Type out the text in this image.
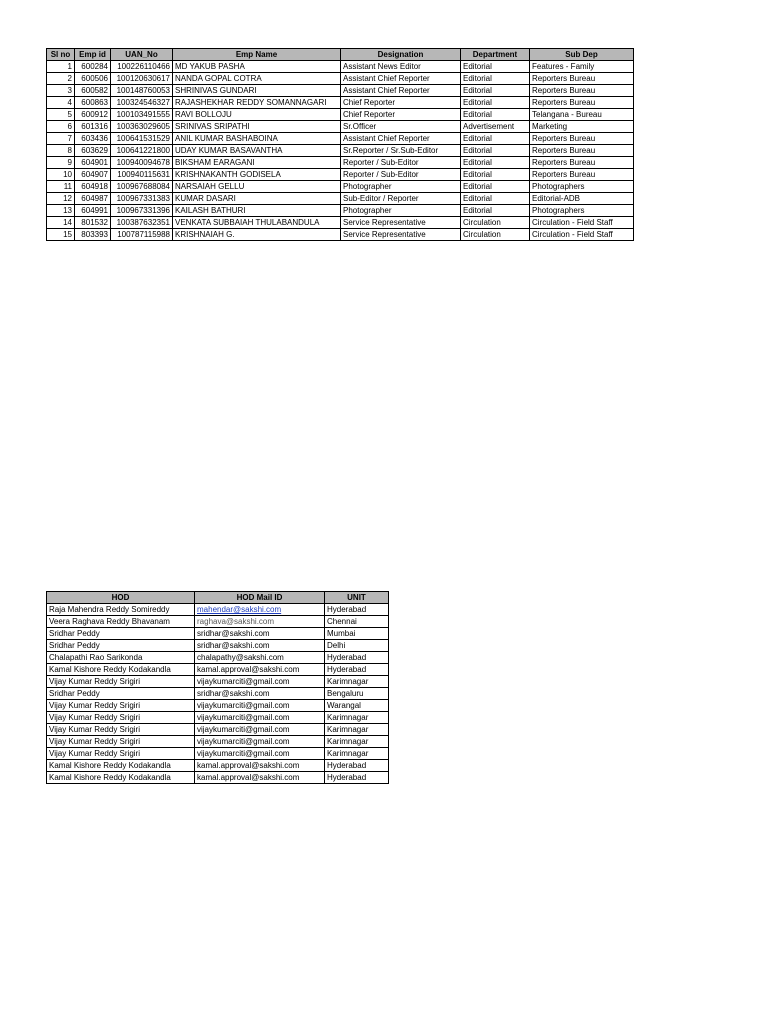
Sl no	Emp id	UAN_No	Emp Name	Designation	Department	Sub Dep
1	600284	100226110466	MD YAKUB PASHA	Assistant News Editor	Editorial	Features - Family
2	600506	100120630617	NANDA GOPAL COTRA	Assistant Chief Reporter	Editorial	Reporters Bureau
3	600582	100148760053	SHRINIVAS GUNDARI	Assistant Chief Reporter	Editorial	Reporters Bureau
4	600863	100324546327	RAJASHEKHAR REDDY SOMANNAGARI	Chief Reporter	Editorial	Reporters Bureau
5	600912	100103491555	RAVI BOLLOJU	Chief Reporter	Editorial	Telangana - Bureau
6	601316	100363029605	SRINIVAS SRIPATHI	Sr.Officer	Advertisement	Marketing
7	603436	100641531529	ANIL KUMAR BASHABOINA	Assistant Chief Reporter	Editorial	Reporters Bureau
8	603629	100641221800	UDAY KUMAR BASAVANTHA	Sr.Reporter / Sr.Sub-Editor	Editorial	Reporters Bureau
9	604901	100940094678	BIKSHAM EARAGANI	Reporter / Sub-Editor	Editorial	Reporters Bureau
10	604907	100940115631	KRISHNAKANTH GODISELA	Reporter / Sub-Editor	Editorial	Reporters Bureau
11	604918	100967688084	NARSAIAH GELLU	Photographer	Editorial	Photographers
12	604987	100967331383	KUMAR DASARI	Sub-Editor / Reporter	Editorial	Editorial-ADB
13	604991	100967331396	KAILASH BATHURI	Photographer	Editorial	Photographers
14	801532	100387632351	VENKATA SUBBAIAH THULABANDULA	Service Representative	Circulation	Circulation - Field Staff
15	803393	100787115988	KRISHNAIAH G.	Service Representative	Circulation	Circulation - Field Staff
HOD	HOD Mail ID	UNIT
Raja Mahendra Reddy Somireddy	mahendar@sakshi.com	Hyderabad
Veera Raghava Reddy Bhavanam	raghava@sakshi.com	Chennai
Sridhar Peddy	sridhar@sakshi.com	Mumbai
Sridhar Peddy	sridhar@sakshi.com	Delhi
Chalapathi Rao Sarikonda	chalapathy@sakshi.com	Hyderabad
Kamal Kishore Reddy Kodakandla	kamal.approval@sakshi.com	Hyderabad
Vijay Kumar Reddy Srigiri	vijaykumarciti@gmail.com	Karimnagar
Sridhar Peddy	sridhar@sakshi.com	Bengaluru
Vijay Kumar Reddy Srigiri	vijaykumarciti@gmail.com	Warangal
Vijay Kumar Reddy Srigiri	vijaykumarciti@gmail.com	Karimnagar
Vijay Kumar Reddy Srigiri	vijaykumarciti@gmail.com	Karimnagar
Vijay Kumar Reddy Srigiri	vijaykumarciti@gmail.com	Karimnagar
Vijay Kumar Reddy Srigiri	vijaykumarciti@gmail.com	Karimnagar
Kamal Kishore Reddy Kodakandla	kamal.approval@sakshi.com	Hyderabad
Kamal Kishore Reddy Kodakandla	kamal.approval@sakshi.com	Hyderabad
